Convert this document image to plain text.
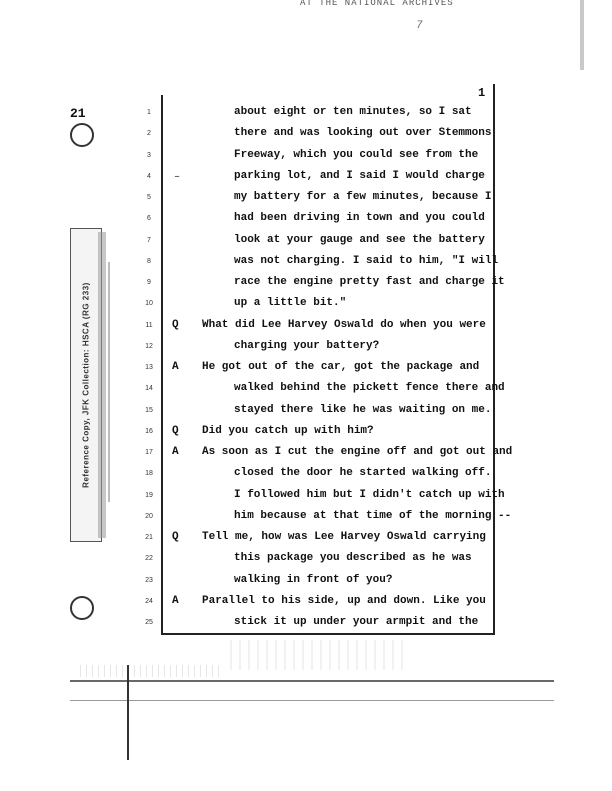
AT THE NATIONAL ARCHIVES
7
21
1
Reference Copy, JFK Collection: HSCA (RG 233)
‒
1	about eight or ten minutes, so I sat
2	there and was looking out over Stemmons
3	Freeway, which you could see from the
4	parking lot, and I said I would charge
5	my battery for a few minutes, because I
6	had been driving in town and you could
7	look at your gauge and see the battery
8	was not charging. I said to him, "I will
9	race the engine pretty fast and charge it
10	up a little bit."
11	Q What did Lee Harvey Oswald do when you were
12	charging your battery?
13	A He got out of the car, got the package and
14	walked behind the pickett fence there and
15	stayed there like he was waiting on me.
16	Q Did you catch up with him?
17	A As soon as I cut the engine off and got out and
18	closed the door he started walking off.
19	I followed him but I didn't catch up with
20	him because at that time of the morning --
21	Q Tell me, how was Lee Harvey Oswald carrying
22	this package you described as he was
23	walking in front of you?
24	A Parallel to his side, up and down. Like you
25	stick it up under your armpit and the
